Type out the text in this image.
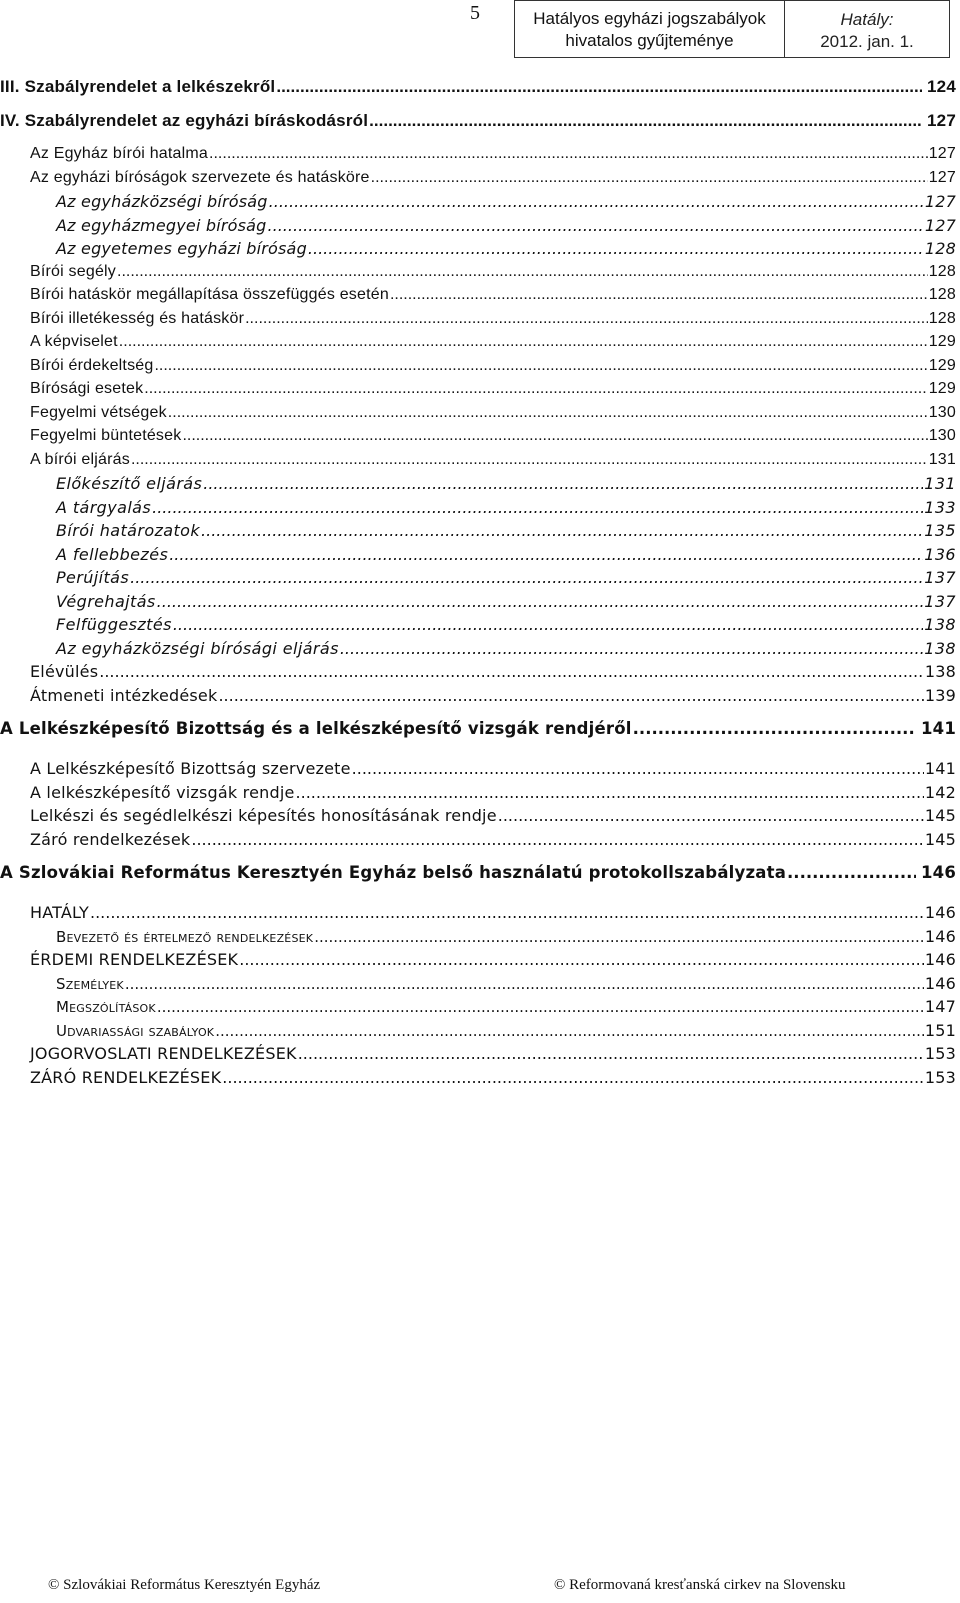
5	Hatályos egyházi jogszabályok
hivatalos gyűjteménye
Hatály:
2012. jan. 1.
III. Szabályrendelet a lelkészekről .....	124
IV. Szabályrendelet az egyházi bíráskodásról .....	127
Az Egyház bírói hatalma .....	127
Az egyházi bíróságok szervezete és hatásköre .....	127
Az egyházközségi bíróság .....	127
Az egyházmegyei bíróság .....	127
Az egyetemes egyházi bíróság .....	128
Bírói segély .....	128
Bírói hatáskör megállapítása összefüggés esetén .....	128
Bírói illetékesség és hatáskör .....	128
A képviselet .....	129
Bírói érdekeltség .....	129
Bírósági esetek .....	129
Fegyelmi vétségek .....	130
Fegyelmi büntetések .....	130
A bírói eljárás .....	131
Előkészítő eljárás .....	131
A tárgyalás .....	133
Bírói határozatok .....	135
A fellebbezés .....	136
Perújítás .....	137
Végrehajtás .....	137
Felfüggesztés .....	138
Az egyházközségi bírósági eljárás .....	138
Elévülés .....	138
Átmeneti intézkedések .....	139
A Lelkészképesítő Bizottság és a lelkészképesítő vizsgák rendjéről .....	141
A Lelkészképesítő Bizottság szervezete .....	141
A lelkészképesítő vizsgák rendje .....	142
Lelkészi és segédlelkészi képesítés honosításának rendje .....	145
Záró rendelkezések .....	145
A Szlovákiai Református Keresztyén Egyház belső használatú protokollszabályzata .....	146
HATÁLY .....	146
Bevezető és értelmező rendelkezések .....	146
ÉRDEMI RENDELKEZÉSEK .....	146
Személyek .....	146
Megszólítások .....	147
Udvariassági szabályok .....	151
JOGORVOSLATI RENDELKEZÉSEK .....	153
ZÁRÓ RENDELKEZÉSEK .....	153
© Szlovákiai Református Keresztyén Egyház	© Reformovaná kresťanská cirkev na Slovensku
